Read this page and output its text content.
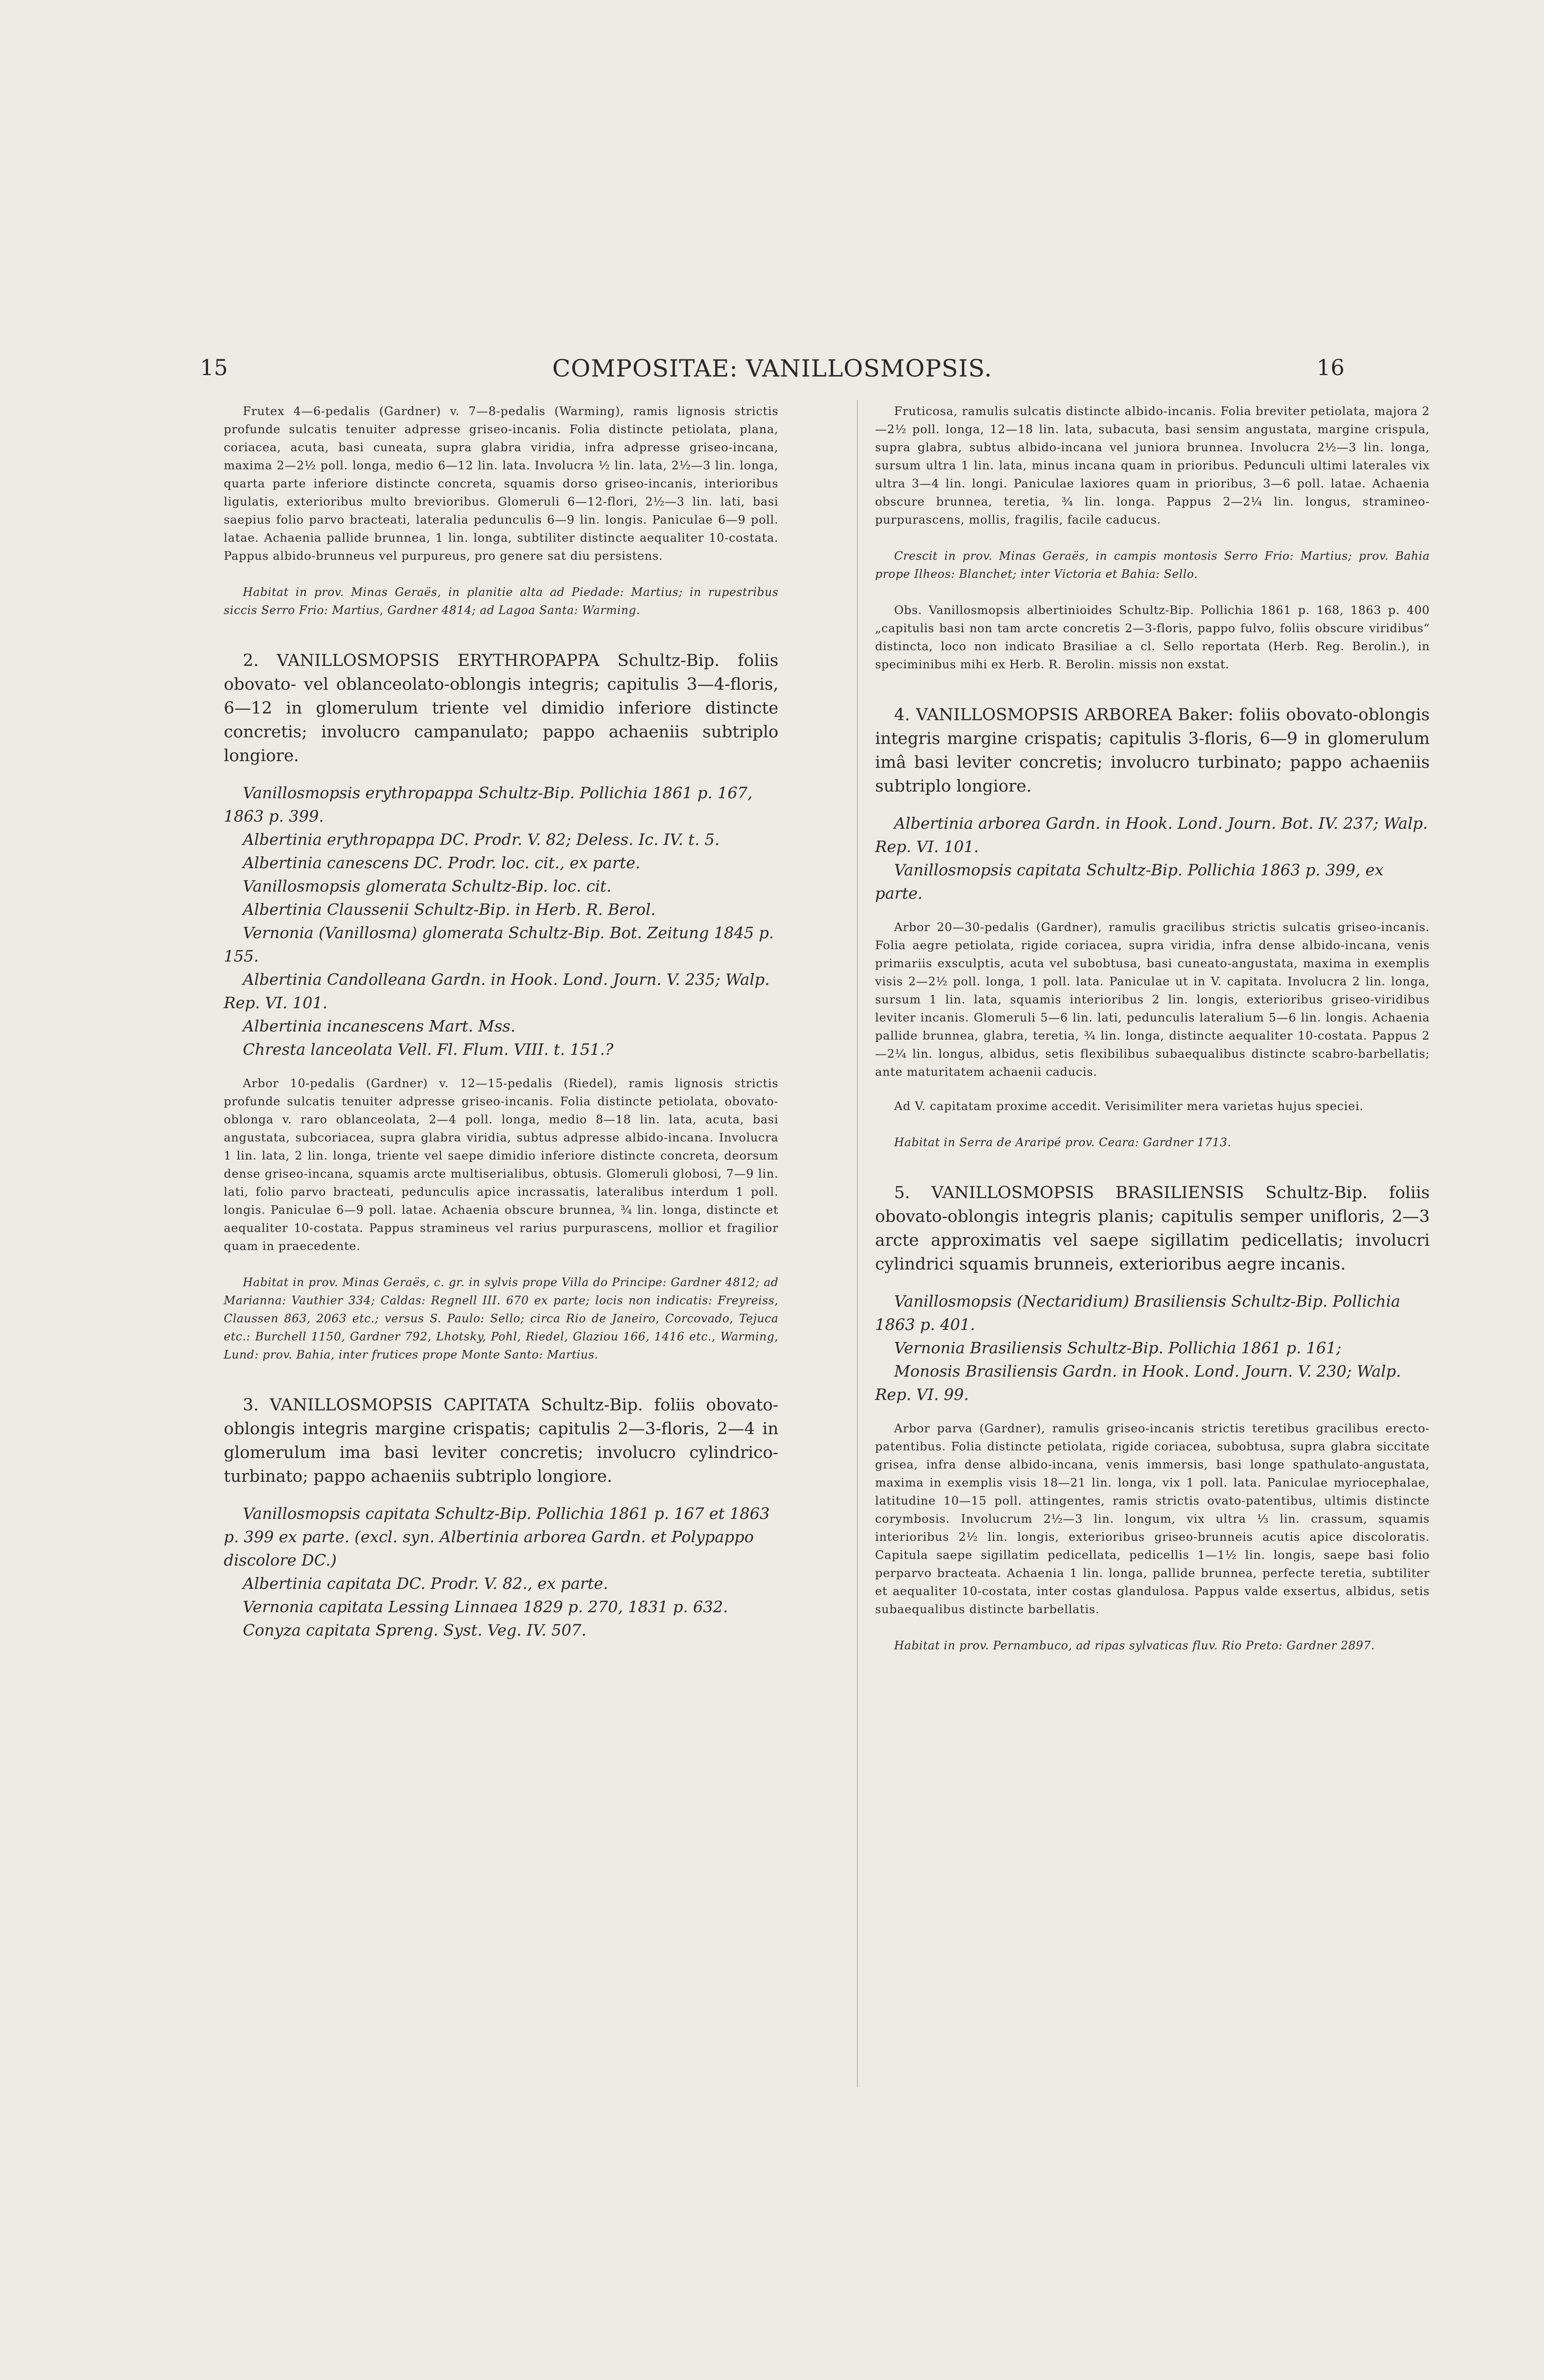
15	COMPOSITAE: VANILLOSMOPSIS.	16

Frutex 4—6-pedalis (Gardner) v. 7—8-pedalis (Warming), ramis lignosis strictis profunde sulcatis tenuiter adpresse griseo-incanis. Folia distincte petiolata, plana, coriacea, acuta, basi cuneata, supra glabra viridia, infra adpresse griseo-incana, maxima 2—2½ poll. longa, medio 6—12 lin. lata. Involucra ½ lin. lata, 2½—3 lin. longa, quarta parte inferiore distincte concreta, squamis dorso griseo-incanis, interioribus ligulatis, exterioribus multo brevioribus. Glomeruli 6—12-flori, 2½—3 lin. lati, basi saepius folio parvo bracteati, lateralia pedunculis 6—9 lin. longis. Paniculae 6—9 poll. latae. Achaenia pallide brunnea, 1 lin. longa, subtiliter distincte aequaliter 10-costata. Pappus albido-brunneus vel purpureus, pro genere sat diu persistens.

Habitat in prov. Minas Geraës, in planitie alta ad Piedade: Martius; in rupestribus siccis Serro Frio: Martius, Gardner 4814; ad Lagoa Santa: Warming.

2. VANILLOSMOPSIS ERYTHROPAPPA Schultz-Bip. foliis obovato- vel oblanceolato-oblongis integris; capitulis 3—4-floris, 6—12 in glomerulum triente vel dimidio inferiore distincte concretis; involucro campanulato; pappo achaeniis subtriplo longiore.

Vanillosmopsis erythropappa Schultz-Bip. Pollichia 1861 p. 167, 1863 p. 399.

Albertinia erythropappa DC. Prodr. V. 82; Deless. Ic. IV. t. 5.

Albertinia canescens DC. Prodr. loc. cit., ex parte.

Vanillosmopsis glomerata Schultz-Bip. loc. cit.

Albertinia Claussenii Schultz-Bip. in Herb. R. Berol.

Vernonia (Vanillosma) glomerata Schultz-Bip. Bot. Zeitung 1845 p. 155.

Albertinia Candolleana Gardn. in Hook. Lond. Journ. V. 235; Walp. Rep. VI. 101.

Albertinia incanescens Mart. Mss.

Chresta lanceolata Vell. Fl. Flum. VIII. t. 151.?

Arbor 10-pedalis (Gardner) v. 12—15-pedalis (Riedel), ramis lignosis strictis profunde sulcatis tenuiter adpresse griseo-incanis. Folia distincte petiolata, obovato-oblonga v. raro oblanceolata, 2—4 poll. longa, medio 8—18 lin. lata, acuta, basi angustata, subcoriacea, supra glabra viridia, subtus adpresse albido-incana. Involucra 1 lin. lata, 2 lin. longa, triente vel saepe dimidio inferiore distincte concreta, deorsum dense griseo-incana, squamis arcte multiserialibus, obtusis. Glomeruli globosi, 7—9 lin. lati, folio parvo bracteati, pedunculis apice incrassatis, lateralibus interdum 1 poll. longis. Paniculae 6—9 poll. latae. Achaenia obscure brunnea, ¾ lin. longa, distincte et aequaliter 10-costata. Pappus stramineus vel rarius purpurascens, mollior et fragilior quam in praecedente.

Habitat in prov. Minas Geraës, c. gr. in sylvis prope Villa do Principe: Gardner 4812; ad Marianna: Vauthier 334; Caldas: Regnell III. 670 ex parte; locis non indicatis: Freyreiss, Claussen 863, 2063 etc.; versus S. Paulo: Sello; circa Rio de Janeiro, Corcovado, Tejuca etc.: Burchell 1150, Gardner 792, Lhotsky, Pohl, Riedel, Glaziou 166, 1416 etc., Warming, Lund: prov. Bahia, inter frutices prope Monte Santo: Martius.

3. VANILLOSMOPSIS CAPITATA Schultz-Bip. foliis obovato-oblongis integris margine crispatis; capitulis 2—3-floris, 2—4 in glomerulum ima basi leviter concretis; involucro cylindrico-turbinato; pappo achaeniis subtriplo longiore.

Vanillosmopsis capitata Schultz-Bip. Pollichia 1861 p. 167 et 1863 p. 399 ex parte. (excl. syn. Albertinia arborea Gardn. et Polypappo discolore DC.)

Albertinia capitata DC. Prodr. V. 82., ex parte.

Vernonia capitata Lessing Linnaea 1829 p. 270, 1831 p. 632.

Conyza capitata Spreng. Syst. Veg. IV. 507.

Fruticosa, ramulis sulcatis distincte albido-incanis. Folia breviter petiolata, majora 2—2½ poll. longa, 12—18 lin. lata, subacuta, basi sensim angustata, margine crispula, supra glabra, subtus albido-incana vel juniora brunnea. Involucra 2½—3 lin. longa, sursum ultra 1 lin. lata, minus incana quam in prioribus. Pedunculi ultimi laterales vix ultra 3—4 lin. longi. Paniculae laxiores quam in prioribus, 3—6 poll. latae. Achaenia obscure brunnea, teretia, ¾ lin. longa. Pappus 2—2¼ lin. longus, stramineo-purpurascens, mollis, fragilis, facile caducus.

Crescit in prov. Minas Geraës, in campis montosis Serro Frio: Martius; prov. Bahia prope Ilheos: Blanchet; inter Victoria et Bahia: Sello.

Obs. Vanillosmopsis albertinioides Schultz-Bip. Pollichia 1861 p. 168, 1863 p. 400 „capitulis basi non tam arcte concretis 2—3-floris, pappo fulvo, foliis obscure viridibus“ distincta, loco non indicato Brasiliae a cl. Sello reportata (Herb. Reg. Berolin.), in speciminibus mihi ex Herb. R. Berolin. missis non exstat.

4. VANILLOSMOPSIS ARBOREA Baker: foliis obovato-oblongis integris margine crispatis; capitulis 3-floris, 6—9 in glomerulum imâ basi leviter concretis; involucro turbinato; pappo achaeniis subtriplo longiore.

Albertinia arborea Gardn. in Hook. Lond. Journ. Bot. IV. 237; Walp. Rep. VI. 101.

Vanillosmopsis capitata Schultz-Bip. Pollichia 1863 p. 399, ex parte.

Arbor 20—30-pedalis (Gardner), ramulis gracilibus strictis sulcatis griseo-incanis. Folia aegre petiolata, rigide coriacea, supra viridia, infra dense albido-incana, venis primariis exsculptis, acuta vel subobtusa, basi cuneato-angustata, maxima in exemplis visis 2—2½ poll. longa, 1 poll. lata. Paniculae ut in V. capitata. Involucra 2 lin. longa, sursum 1 lin. lata, squamis interioribus 2 lin. longis, exterioribus griseo-viridibus leviter incanis. Glomeruli 5—6 lin. lati, pedunculis lateralium 5—6 lin. longis. Achaenia pallide brunnea, glabra, teretia, ¾ lin. longa, distincte aequaliter 10-costata. Pappus 2—2¼ lin. longus, albidus, setis flexibilibus subaequalibus distincte scabro-barbellatis; ante maturitatem achaenii caducis.

Ad V. capitatam proxime accedit. Verisimiliter mera varietas hujus speciei.

Habitat in Serra de Araripé prov. Ceara: Gardner 1713.

5. VANILLOSMOPSIS BRASILIENSIS Schultz-Bip. foliis obovato-oblongis integris planis; capitulis semper unifloris, 2—3 arcte approximatis vel saepe sigillatim pedicellatis; involucri cylindrici squamis brunneis, exterioribus aegre incanis.

Vanillosmopsis (Nectaridium) Brasiliensis Schultz-Bip. Pollichia 1863 p. 401.

Vernonia Brasiliensis Schultz-Bip. Pollichia 1861 p. 161;

Monosis Brasiliensis Gardn. in Hook. Lond. Journ. V. 230; Walp. Rep. VI. 99.

Arbor parva (Gardner), ramulis griseo-incanis strictis teretibus gracilibus erecto-patentibus. Folia distincte petiolata, rigide coriacea, subobtusa, supra glabra siccitate grisea, infra dense albido-incana, venis immersis, basi longe spathulato-angustata, maxima in exemplis visis 18—21 lin. longa, vix 1 poll. lata. Paniculae myriocephalae, latitudine 10—15 poll. attingentes, ramis strictis ovato-patentibus, ultimis distincte corymbosis. Involucrum 2½—3 lin. longum, vix ultra ⅓ lin. crassum, squamis interioribus 2½ lin. longis, exterioribus griseo-brunneis acutis apice discoloratis. Capitula saepe sigillatim pedicellata, pedicellis 1—1½ lin. longis, saepe basi folio perparvo bracteata. Achaenia 1 lin. longa, pallide brunnea, perfecte teretia, subtiliter et aequaliter 10-costata, inter costas glandulosa. Pappus valde exsertus, albidus, setis subaequalibus distincte barbellatis.

Habitat in prov. Pernambuco, ad ripas sylvaticas fluv. Rio Preto: Gardner 2897.
